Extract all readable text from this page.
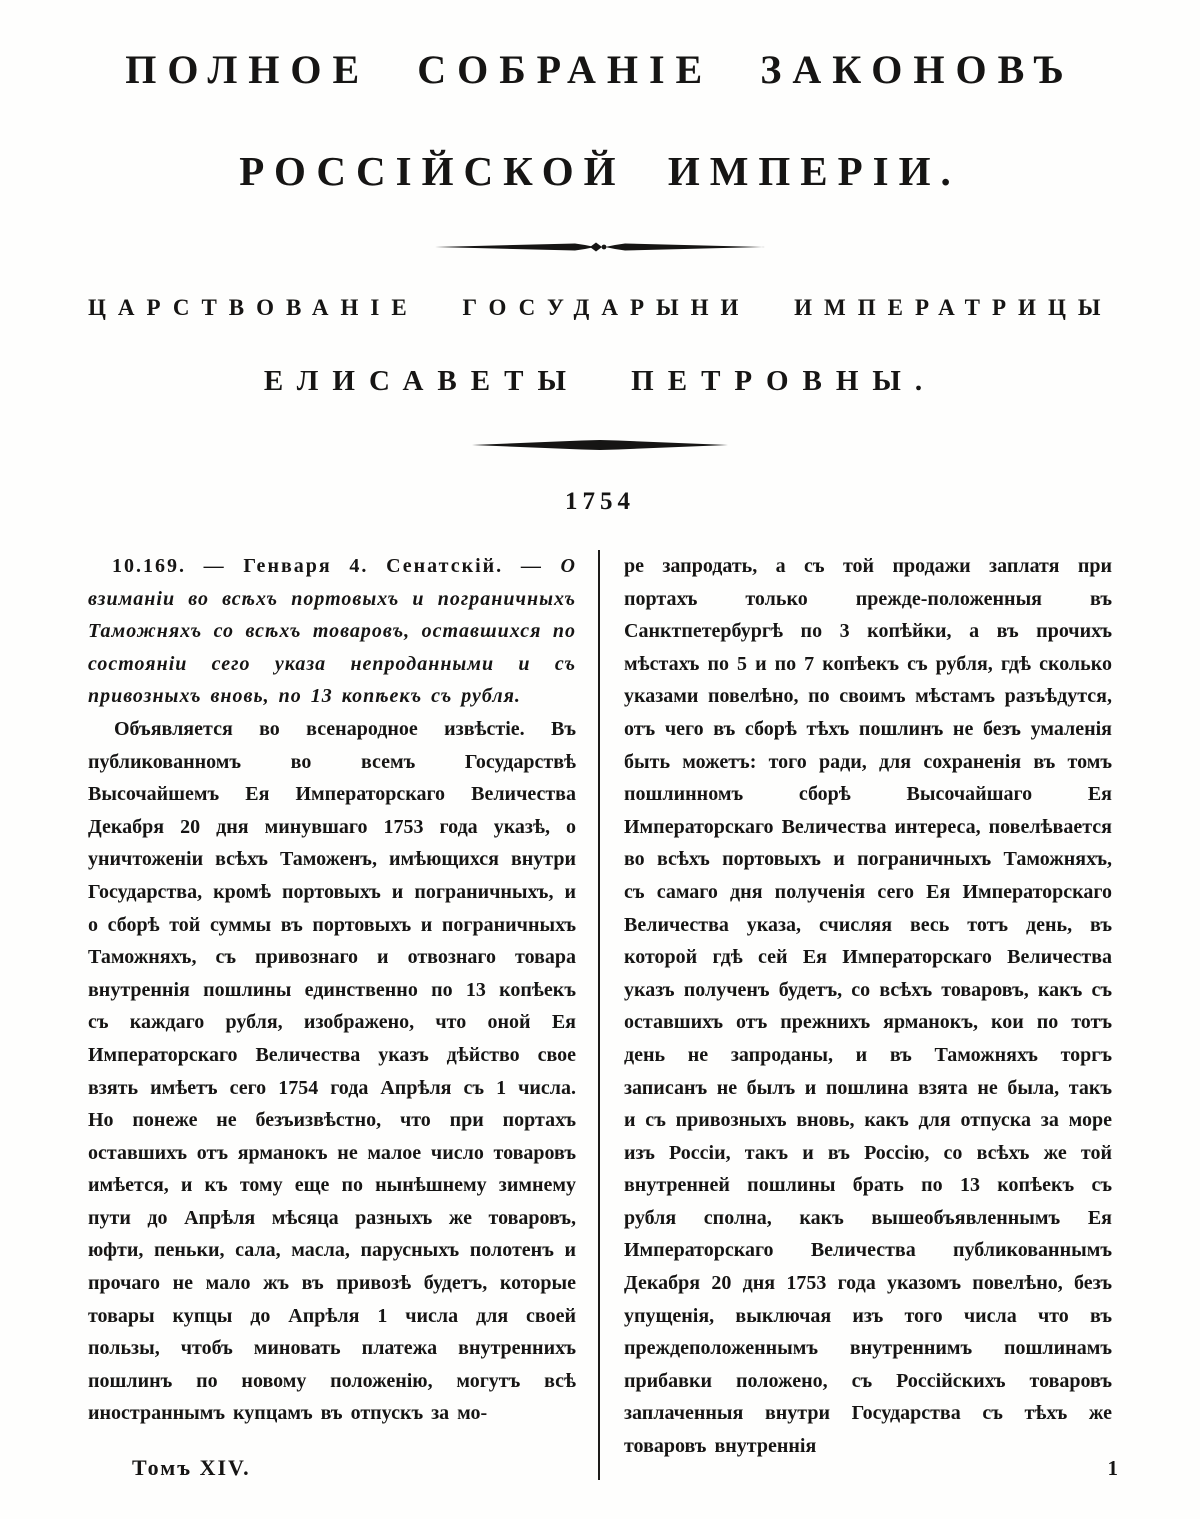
ПОЛНОЕ СОБРАНІЕ ЗАКОНОВЪ
РОССІЙСКОЙ ИМПЕРІИ.
ЦАРСТВОВАНІЕ ГОСУДАРЫНИ ИМПЕРАТРИЦЫ
ЕЛИСАВЕТЫ ПЕТРОВНЫ.
1754

10.169. — Генваря 4. Сенатскій. — О взиманіи во всѣхъ портовыхъ и пограничныхъ Таможняхъ со всѣхъ товаровъ, оставшихся по состояніи сего указа непроданными и съ привозныхъ вновь, по 13 копѣекъ съ рубля.

Объявляется во всенародное извѣстіе. Въ публикованномъ во всемъ Государствѣ Высочайшемъ Ея Императорскаго Величества Декабря 20 дня минувшаго 1753 года указѣ, о уничтоженіи всѣхъ Таможенъ, имѣющихся внутри Государства, кромѣ портовыхъ и пограничныхъ, и о сборѣ той суммы въ портовыхъ и пограничныхъ Таможняхъ, съ привознаго и отвознаго товара внутреннія пошлины единственно по 13 копѣекъ съ каждаго рубля, изображено, что оной Ея Императорскаго Величества указъ дѣйство свое взять имѣетъ сего 1754 года Апрѣля съ 1 числа. Но понеже не безъизвѣстно, что при портахъ оставшихъ отъ ярманокъ не малое число товаровъ имѣется, и къ тому еще по нынѣшнему зимнему пути до Апрѣля мѣсяца разныхъ же товаровъ, юфти, пеньки, сала, масла, парусныхъ полотенъ и прочаго не мало жъ въ привозѣ будетъ, которые товары купцы до Апрѣля 1 числа для своей пользы, чтобъ миновать платежа внутреннихъ пошлинъ по новому положенію, могутъ всѣ иностраннымъ купцамъ въ отпускъ за мо-

ре запродать, а съ той продажи заплатя при портахъ только прежде-положенныя въ Санктпетербургѣ по 3 копѣйки, а въ прочихъ мѣстахъ по 5 и по 7 копѣекъ съ рубля, гдѣ сколько указами повелѣно, по своимъ мѣстамъ разъѣдутся, отъ чего въ сборѣ тѣхъ пошлинъ не безъ умаленія быть можетъ: того ради, для сохраненія въ томъ пошлинномъ сборѣ Высочайшаго Ея Императорскаго Величества интереса, повелѣвается во всѣхъ портовыхъ и пограничныхъ Таможняхъ, съ самаго дня полученія сего Ея Императорскаго Величества указа, счисляя весь тотъ день, въ которой гдѣ сей Ея Императорскаго Величества указъ полученъ будетъ, со всѣхъ товаровъ, какъ съ оставшихъ отъ прежнихъ ярманокъ, кои по тотъ день не запроданы, и въ Таможняхъ торгъ записанъ не былъ и пошлина взята не была, такъ и съ привозныхъ вновь, какъ для отпуска за море изъ Россіи, такъ и въ Россію, со всѣхъ же той внутренней пошлины брать по 13 копѣекъ съ рубля сполна, какъ вышеобъявленнымъ Ея Императорскаго Величества публикованнымъ Декабря 20 дня 1753 года указомъ повелѣно, безъ упущенія, выключая изъ того числа что въ преждеположеннымъ внутреннимъ пошлинамъ прибавки положено, съ Россійскихъ товаровъ заплаченныя внутри Государства съ тѣхъ же товаровъ внутреннія

Томъ XIV.	1
